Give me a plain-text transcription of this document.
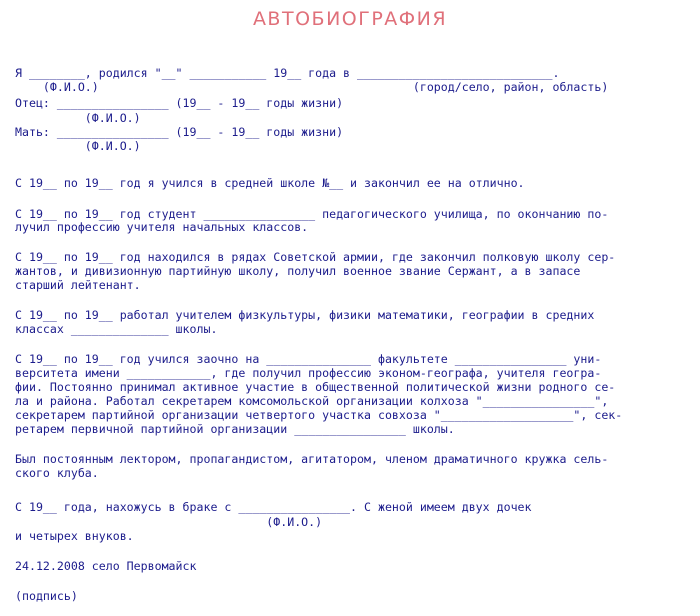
АВТОБИОГРАФИЯ
Я ________, родился "__" ___________ 19__ года в ____________________________.
(Ф.И.О.)                                             (город/село, район, область)
Отец: ________________ (19__ - 19__ годы жизни)
(Ф.И.О.)
Мать: ________________ (19__ - 19__ годы жизни)
(Ф.И.О.)
С 19__ по 19__ год я учился в средней школе №__ и закончил ее на отлично.
С 19__ по 19__ год студент ________________ педагогического училища, по окончанию по-
лучил профессию учителя начальных классов.
С 19__ по 19__ год находился в рядах Советской армии, где закончил полковую школу сер-
жантов, и дивизионную партийную школу, получил военное звание Сержант, а в запасе
старший лейтенант.
С 19__ по 19__ работал учителем физкультуры, физики математики, географии в средних
классах ______________ школы.
С 19__ по 19__ год учился заочно на _______________ факультете ________________ уни-
верситета имени ____________, где получил профессию эконом-географа, учителя геогра-
фии. Постоянно принимал активное участие в общественной политической жизни родного се-
ла и района. Работал секретарем комсомольской организации колхоза "________________",
секретарем партийной организации четвертого участка совхоза "___________________", сек-
ретарем первичной партийной организации ________________ школы.
Был постоянным лектором, пропагандистом, агитатором, членом драматичного кружка сель-
ского клуба.
С 19__ года, нахожусь в браке с ________________. С женой имеем двух дочек
(Ф.И.О.)
и четырех внуков.
24.12.2008 село Первомайск
(подпись)
